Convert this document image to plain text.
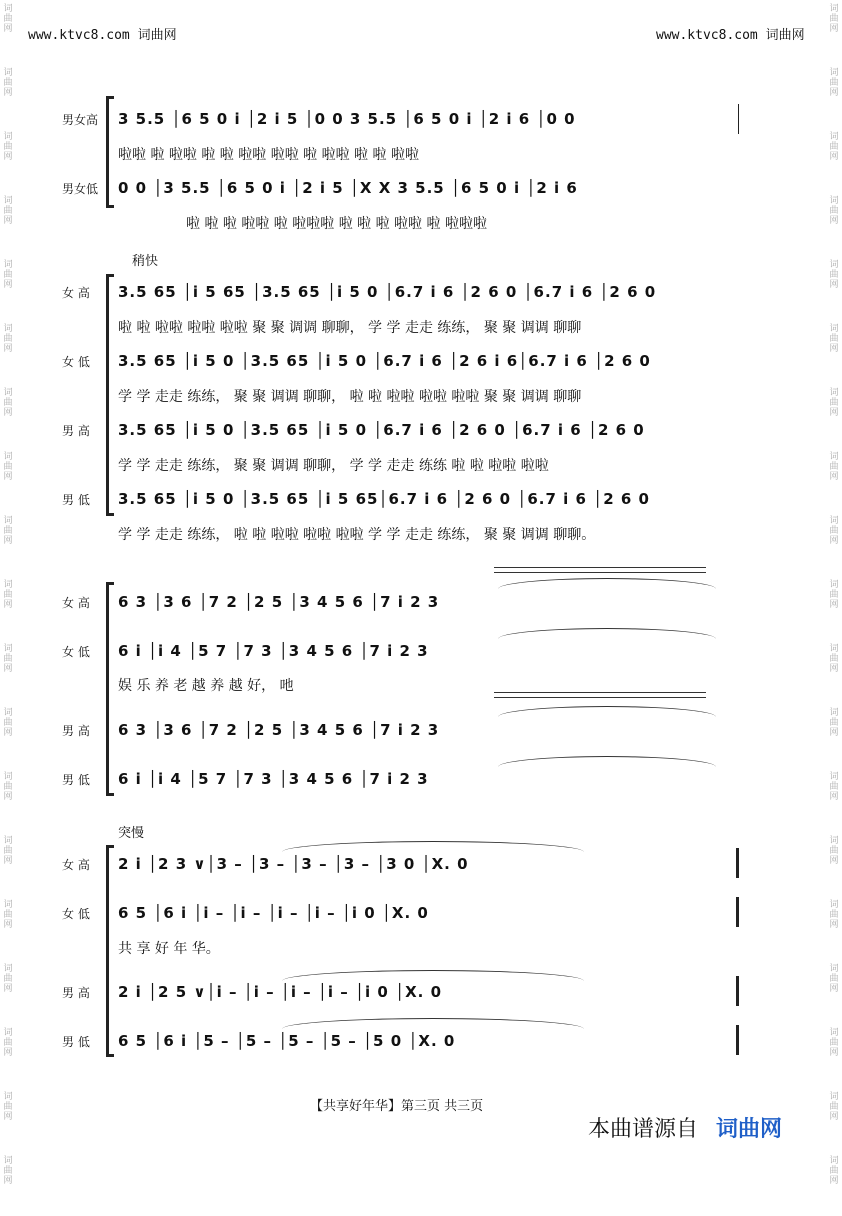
词
曲
网
词
曲
网
词
曲
网
词
曲
网
词
曲
网
词
曲
网
词
曲
网
词
曲
网
词
曲
网
词
曲
网
词
曲
网
词
曲
网
词
曲
网
词
曲
网
词
曲
网
词
曲
网
词
曲
网
词
曲
网
词
曲
网
词
曲
网
词
曲
网
词
曲
网
词
曲
网
词
曲
网
词
曲
网
词
曲
网
词
曲
网
词
曲
网
词
曲
网
词
曲
网
词
曲
网
词
曲
网
词
曲
网
词
曲
网
词
曲
网
词
曲
网
词
曲
网
词
曲
网
www.ktvc8.com 词曲网	www.ktvc8.com 词曲网
男女高
男女低
3 5.5 │6 5 0 i │2 i 5 │0 0 3 5.5 │6 5 0 i │2 i 6 │0 0
啦啦 啦 啦啦 啦 啦 啦啦 啦啦 啦 啦啦 啦 啦 啦啦
0 0 │3 5.5 │6 5 0 i │2 i 5 │X X 3 5.5 │6 5 0 i │2 i 6
啦 啦 啦 啦啦 啦 啦啦啦 啦 啦 啦 啦啦 啦 啦啦啦
稍快
女 高 3.5 65 │i 5 65 │3.5 65 │i 5 0 │6.7 i 6 │2 6 0 │6.7 i 6 │2 6 0
啦 啦 啦啦 啦啦 啦啦 聚 聚 调调 聊聊， 学 学 走走 练练， 聚 聚 调调 聊聊
女 低 3.5 65 │i 5 0 │3.5 65 │i 5 0 │6.7 i 6 │2 6 i 6│6.7 i 6 │2 6 0
学 学 走走 练练， 聚 聚 调调 聊聊， 啦 啦 啦啦 啦啦 啦啦 聚 聚 调调 聊聊
男 高 3.5 65 │i 5 0 │3.5 65 │i 5 0 │6.7 i 6 │2 6 0 │6.7 i 6 │2 6 0
学 学 走走 练练， 聚 聚 调调 聊聊， 学 学 走走 练练 啦 啦 啦啦 啦啦
男 低 3.5 65 │i 5 0 │3.5 65 │i 5 65│6.7 i 6 │2 6 0 │6.7 i 6 │2 6 0
学 学 走走 练练， 啦 啦 啦啦 啦啦 啦啦 学 学 走走 练练， 聚 聚 调调 聊聊。
女 高 6 3 │3 6 │7 2 │2 5 │3 4 5 6 │7 i 2 3
女 低 6 i │i 4 │5 7 │7 3 │3 4 5 6 │7 i 2 3
娱 乐 养 老 越 养 越 好， 吔
男 高 6 3 │3 6 │7 2 │2 5 │3 4 5 6 │7 i 2 3
男 低 6 i │i 4 │5 7 │7 3 │3 4 5 6 │7 i 2 3
突慢
女 高 2 i │2 3 ∨│3 – │3 – │3 – │3 – │3 0 │X. 0
女 低 6 5 │6 i │i – │i – │i – │i – │i 0 │X. 0
共 享 好 年 华。
男 高 2 i │2 5 ∨│i – │i – │i – │i – │i 0 │X. 0
男 低 6 5 │6 i │5 – │5 – │5 – │5 – │5 0 │X. 0
【共享好年华】第三页 共三页
本曲谱源自 词曲网
